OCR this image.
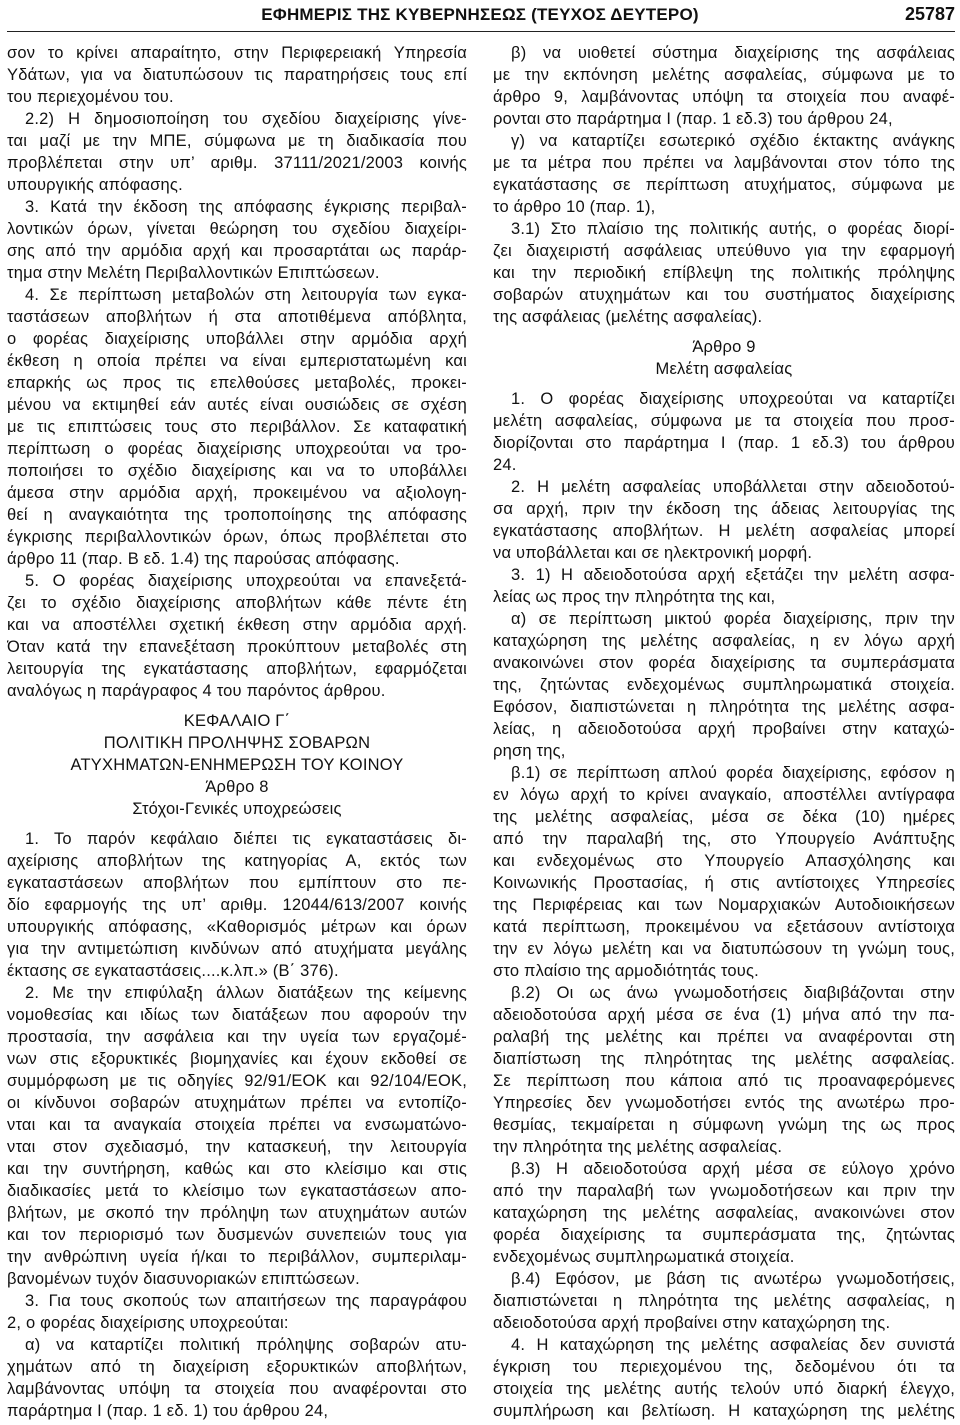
ΕΦΗΜΕΡΙΣ ΤΗΣ ΚΥΒΕΡΝΗΣΕΩΣ (ΤΕΥΧΟΣ ΔΕΥΤΕΡΟ)	25787
σον το κρίνει απαραίτητο, στην Περιφερειακή Υπηρεσία
Υδάτων, για να διατυπώσουν τις παρατηρήσεις τους επί
του περιεχομένου του.
2.2) Η δημοσιοποίηση του σχεδίου διαχείρισης γίνε-
ται μαζί με την ΜΠΕ, σύμφωνα με τη διαδικασία που
προβλέπεται στην υπ’ αριθμ. 37111/2021/2003 κοινής
υπουργικής απόφασης.
3. Κατά την έκδοση της απόφασης έγκρισης περιβαλ-
λοντικών όρων, γίνεται θεώρηση του σχεδίου διαχείρι-
σης από την αρμόδια αρχή και προσαρτάται ως παράρ-
τημα στην Μελέτη Περιβαλλοντικών Επιπτώσεων.
4. Σε περίπτωση μεταβολών στη λειτουργία των εγκα-
ταστάσεων αποβλήτων ή στα αποτιθέμενα απόβλητα,
ο φορέας διαχείρισης υποβάλλει στην αρμόδια αρχή
έκθεση η οποία πρέπει να είναι εμπεριστατωμένη και
επαρκής ως προς τις επελθούσες μεταβολές, προκει-
μένου να εκτιμηθεί εάν αυτές είναι ουσιώδεις σε σχέση
με τις επιπτώσεις τους στο περιβάλλον. Σε καταφατική
περίπτωση ο φορέας διαχείρισης υποχρεούται να τρο-
ποποιήσει το σχέδιο διαχείρισης και να το υποβάλλει
άμεσα στην αρμόδια αρχή, προκειμένου να αξιολογη-
θεί η αναγκαιότητα της τροποποίησης της απόφασης
έγκρισης περιβαλλοντικών όρων, όπως προβλέπεται στο
άρθρο 11 (παρ. Β εδ. 1.4) της παρούσας απόφασης.
5. Ο φορέας διαχείρισης υποχρεούται να επανεξετά-
ζει το σχέδιο διαχείρισης αποβλήτων κάθε πέντε έτη
και να αποστέλλει σχετική έκθεση στην αρμόδια αρχή.
Όταν κατά την επανεξέταση προκύπτουν μεταβολές στη
λειτουργία της εγκατάστασης αποβλήτων, εφαρμόζεται
αναλόγως η παράγραφος 4 του παρόντος άρθρου.
ΚΕΦΑΛΑΙΟ Γ΄
ΠΟΛΙΤΙΚΗ ΠΡΟΛΗΨΗΣ ΣΟΒΑΡΩΝ
ΑΤΥΧΗΜΑΤΩΝ-ΕΝΗΜΕΡΩΣΗ ΤΟΥ ΚΟΙΝΟΥ
Άρθρο 8
Στόχοι-Γενικές υποχρεώσεις
1. Το παρόν κεφάλαιο διέπει τις εγκαταστάσεις δι-
αχείρισης αποβλήτων της κατηγορίας Α, εκτός των
εγκαταστάσεων αποβλήτων που εμπίπτουν στο πε-
δίο εφαρμογής της υπ’ αριθμ. 12044/613/2007 κοινής
υπουργικής απόφασης, «Καθορισμός μέτρων και όρων
για την αντιμετώπιση κινδύνων από ατυχήματα μεγάλης
έκτασης σε εγκαταστάσεις....κ.λπ.» (Β΄ 376).
2. Με την επιφύλαξη άλλων διατάξεων της κείμενης
νομοθεσίας και ιδίως των διατάξεων που αφορούν την
προστασία, την ασφάλεια και την υγεία των εργαζομέ-
νων στις εξορυκτικές βιομηχανίες και έχουν εκδοθεί σε
συμμόρφωση με τις οδηγίες 92/91/ΕΟΚ και 92/104/ΕΟΚ,
οι κίνδυνοι σοβαρών ατυχημάτων πρέπει να εντοπίζο-
νται και τα αναγκαία στοιχεία πρέπει να ενσωματώνο-
νται στον σχεδιασμό, την κατασκευή, την λειτουργία
και την συντήρηση, καθώς και στο κλείσιμο και στις
διαδικασίες μετά το κλείσιμο των εγκαταστάσεων απο-
βλήτων, με σκοπό την πρόληψη των ατυχημάτων αυτών
και τον περιορισμό των δυσμενών συνεπειών τους για
την ανθρώπινη υγεία ή/και το περιβάλλον, συμπεριλαμ-
βανομένων τυχόν διασυνοριακών επιπτώσεων.
3. Για τους σκοπούς των απαιτήσεων της παραγράφου
2, ο φορέας διαχείρισης υποχρεούται:
α) να καταρτίζει πολιτική πρόληψης σοβαρών ατυ-
χημάτων από τη διαχείριση εξορυκτικών αποβλήτων,
λαμβάνοντας υπόψη τα στοιχεία που αναφέρονται στο
παράρτημα Ι (παρ. 1 εδ. 1) του άρθρου 24,
β) να υιοθετεί σύστημα διαχείρισης της ασφάλειας
με την εκπόνηση μελέτης ασφαλείας, σύμφωνα με το
άρθρο 9, λαμβάνοντας υπόψη τα στοιχεία που αναφέ-
ρονται στο παράρτημα Ι (παρ. 1 εδ.3) του άρθρου 24,
γ) να καταρτίζει εσωτερικό σχέδιο έκτακτης ανάγκης
με τα μέτρα που πρέπει να λαμβάνονται στον τόπο της
εγκατάστασης σε περίπτωση ατυχήματος, σύμφωνα με
το άρθρο 10 (παρ. 1),
3.1) Στο πλαίσιο της πολιτικής αυτής, ο φορέας διορί-
ζει διαχειριστή ασφάλειας υπεύθυνο για την εφαρμογή
και την περιοδική επίβλεψη της πολιτικής πρόληψης
σοβαρών ατυχημάτων και του συστήματος διαχείρισης
της ασφάλειας (μελέτης ασφαλείας).
Άρθρο 9
Μελέτη ασφαλείας
1. Ο φορέας διαχείρισης υποχρεούται να καταρτίζει
μελέτη ασφαλείας, σύμφωνα με τα στοιχεία που προσ-
διορίζονται στο παράρτημα Ι (παρ. 1 εδ.3) του άρθρου
24.
2. Η μελέτη ασφαλείας υποβάλλεται στην αδειοδοτού-
σα αρχή, πριν την έκδοση της άδειας λειτουργίας της
εγκατάστασης αποβλήτων. Η μελέτη ασφαλείας μπορεί
να υποβάλλεται και σε ηλεκτρονική μορφή.
3. 1) Η αδειοδοτούσα αρχή εξετάζει την μελέτη ασφα-
λείας ως προς την πληρότητα της και,
α) σε περίπτωση μικτού φορέα διαχείρισης, πριν την
καταχώρηση της μελέτης ασφαλείας, η εν λόγω αρχή
ανακοινώνει στον φορέα διαχείρισης τα συμπεράσματα
της, ζητώντας ενδεχομένως συμπληρωματικά στοιχεία.
Εφόσον, διαπιστώνεται η πληρότητα της μελέτης ασφα-
λείας, η αδειοδοτούσα αρχή προβαίνει στην καταχώ-
ρηση της,
β.1) σε περίπτωση απλού φορέα διαχείρισης, εφόσον η
εν λόγω αρχή το κρίνει αναγκαίο, αποστέλλει αντίγραφα
της μελέτης ασφαλείας, μέσα σε δέκα (10) ημέρες
από την παραλαβή της, στο Υπουργείο Ανάπτυξης
και ενδεχομένως στο Υπουργείο Απασχόλησης και
Κοινωνικής Προστασίας, ή στις αντίστοιχες Υπηρεσίες
της Περιφέρειας και των Νομαρχιακών Αυτοδιοικήσεων
κατά περίπτωση, προκειμένου να εξετάσουν αντίστοιχα
την εν λόγω μελέτη και να διατυπώσουν τη γνώμη τους,
στο πλαίσιο της αρμοδιότητάς τους.
β.2) Οι ως άνω γνωμοδοτήσεις διαβιβάζονται στην
αδειοδοτούσα αρχή μέσα σε ένα (1) μήνα από την πα-
ραλαβή της μελέτης και πρέπει να αναφέρονται στη
διαπίστωση της πληρότητας της μελέτης ασφαλείας.
Σε περίπτωση που κάποια από τις προαναφερόμενες
Υπηρεσίες δεν γνωμοδοτήσει εντός της ανωτέρω προ-
θεσμίας, τεκμαίρεται η σύμφωνη γνώμη της ως προς
την πληρότητα της μελέτης ασφαλείας.
β.3) Η αδειοδοτούσα αρχή μέσα σε εύλογο χρόνο
από την παραλαβή των γνωμοδοτήσεων και πριν την
καταχώρηση της μελέτης ασφαλείας, ανακοινώνει στον
φορέα διαχείρισης τα συμπεράσματα της, ζητώντας
ενδεχομένως συμπληρωματικά στοιχεία.
β.4) Εφόσον, με βάση τις ανωτέρω γνωμοδοτήσεις,
διαπιστώνεται η πληρότητα της μελέτης ασφαλείας, η
αδειοδοτούσα αρχή προβαίνει στην καταχώρηση της.
4. Η καταχώρηση της μελέτης ασφαλείας δεν συνιστά
έγκριση του περιεχομένου της, δεδομένου ότι τα
στοιχεία της μελέτης αυτής τελούν υπό διαρκή έλεγχο,
συμπλήρωση και βελτίωση. Η καταχώρηση της μελέτης
